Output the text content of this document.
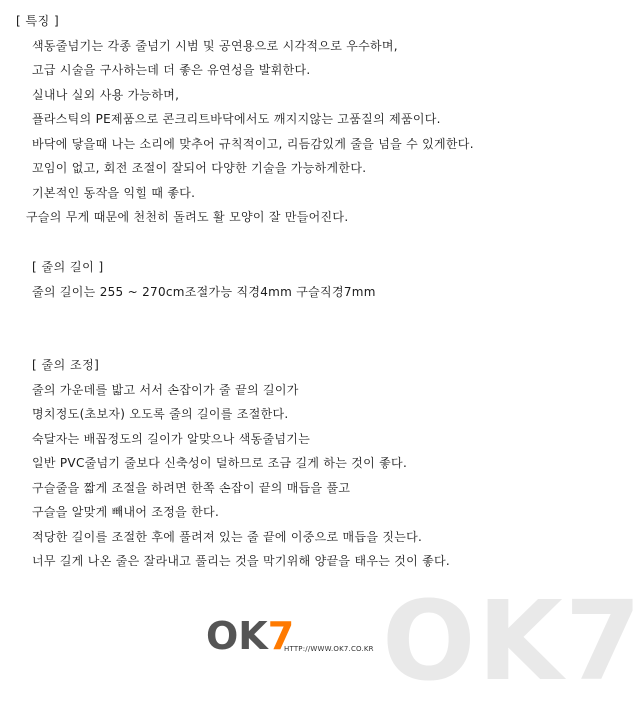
[ 특징 ]
색동줄넘기는 각종 줄넘기 시범 및 공연용으로 시각적으로 우수하며,
고급 시술을 구사하는데 더 좋은 유연성을 발휘한다.
실내나 실외 사용 가능하며,
플라스틱의 PE제품으로 콘크리트바닥에서도 깨지지않는 고품질의 제품이다.
바닥에 닿을때 나는 소리에 맞추어 규칙적이고, 리듬감있게 줄을 넘을 수 있게한다.
꼬임이 없고, 회전 조절이 잘되어 다양한 기술을 가능하게한다.
기본적인 동작을 익힐 때 좋다.
구슬의 무게 때문에 천천히 돌려도 활 모양이 잘 만들어진다.
[ 줄의 길이 ]
줄의 길이는 255 ~ 270cm조절가능 직경4mm 구슬직경7mm
[ 줄의 조정]
줄의 가운데를 밟고 서서 손잡이가 줄 끝의 길이가
명치정도(초보자) 오도록 줄의 길이를 조절한다.
숙달자는 배꼽정도의 길이가 알맞으나 색동줄넘기는
일반 PVC줄넘기 줄보다 신축성이 덜하므로 조금 길게 하는 것이 좋다.
구슬줄을 짧게 조절을 하려면 한쪽 손잡이 끝의 매듭을 풀고
구슬을 알맞게 빼내어 조정을 한다.
적당한 길이를 조절한 후에 풀려져 있는 줄 끝에 이중으로 매듭을 짓는다.
너무 길게 나온 줄은 잘라내고 풀리는 것을 막기위해 양끝을 태우는 것이 좋다.
OK7
OK7
HTTP://WWW.OK7.CO.KR
